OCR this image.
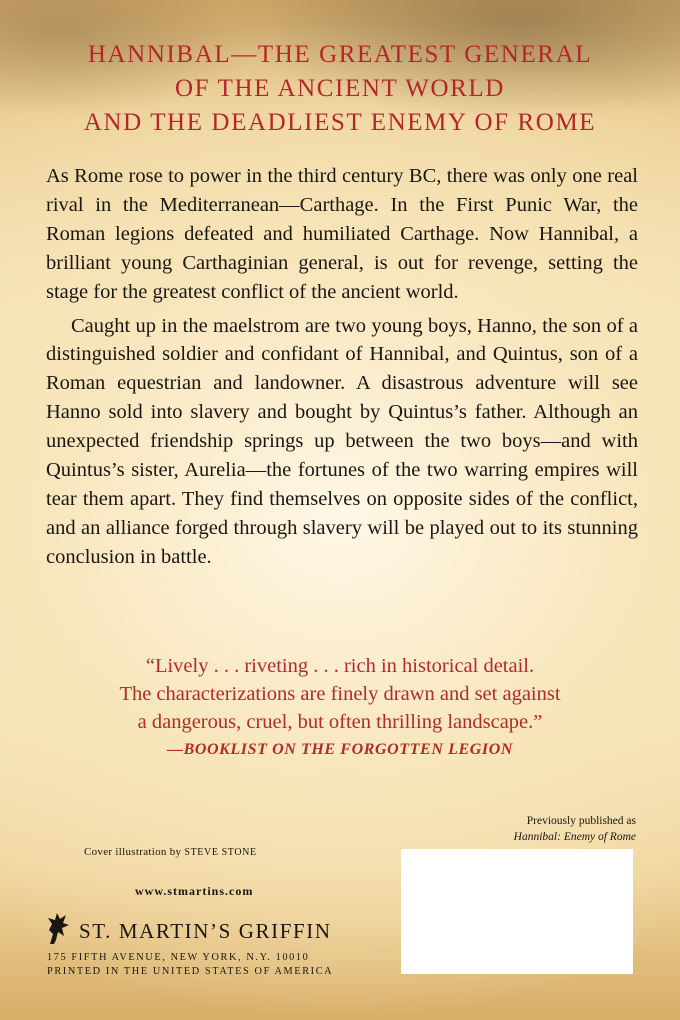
HANNIBAL—THE GREATEST GENERAL
OF THE ANCIENT WORLD
AND THE DEADLIEST ENEMY OF ROME

As Rome rose to power in the third century BC, there was only one real rival in the Mediterranean—Carthage. In the First Punic War, the Roman legions defeated and humiliated Carthage. Now Hannibal, a brilliant young Carthaginian general, is out for revenge, setting the stage for the greatest conflict of the ancient world.

Caught up in the maelstrom are two young boys, Hanno, the son of a distinguished soldier and confidant of Hannibal, and Quintus, son of a Roman equestrian and landowner. A disastrous adventure will see Hanno sold into slavery and bought by Quintus’s father. Although an unexpected friendship springs up between the two boys—and with Quintus’s sister, Aurelia—the fortunes of the two warring empires will tear them apart. They find themselves on opposite sides of the conflict, and an alliance forged through slavery will be played out to its stunning conclusion in battle.

“Lively . . . riveting . . . rich in historical detail.
The characterizations are finely drawn and set against
a dangerous, cruel, but often thrilling landscape.”
—BOOKLIST ON THE FORGOTTEN LEGION
Previously published as
Hannibal: Enemy of Rome
Cover illustration by STEVE STONE
www.stmartins.com
ST. MARTIN’S GRIFFIN
175 FIFTH AVENUE, NEW YORK, N.Y. 10010
PRINTED IN THE UNITED STATES OF AMERICA
